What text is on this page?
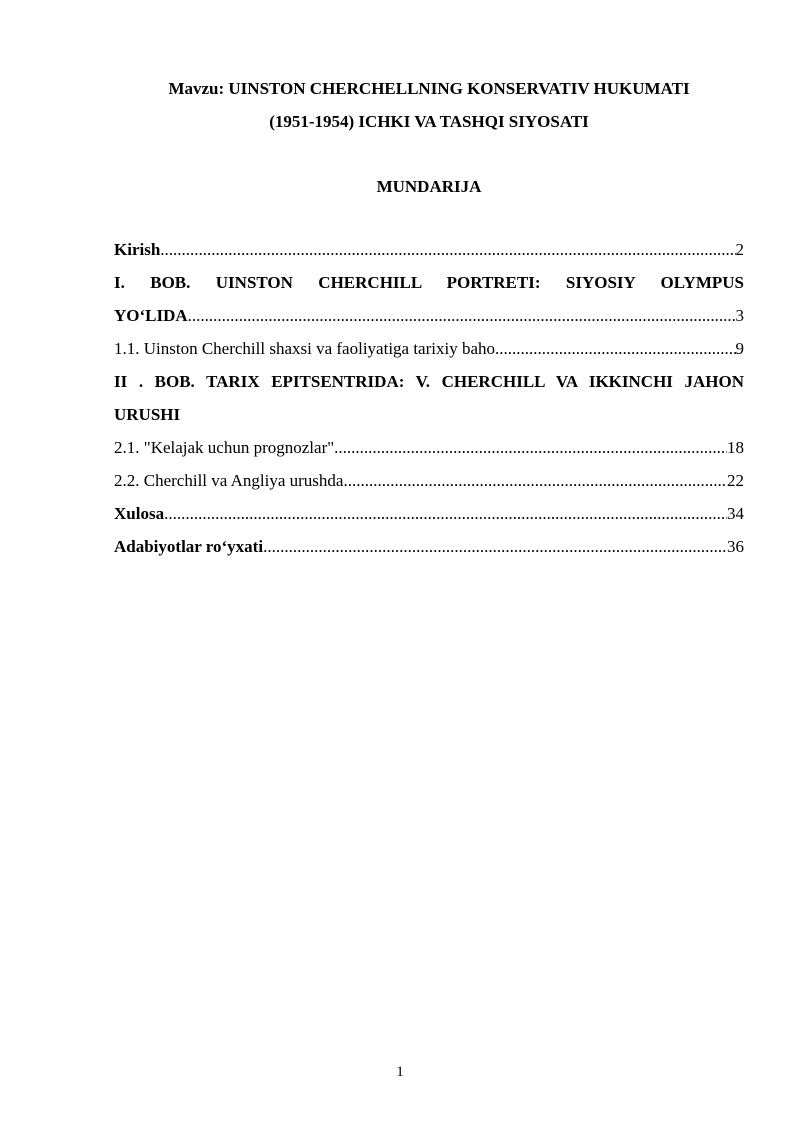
Mavzu: UINSTON CHERCHELLNING KONSERVATIV HUKUMATI
(1951-1954) ICHKI VA TASHQI SIYOSATI
MUNDARIJA
Kirish .....	2
I. BOB. UINSTON CHERCHILL PORTRETI: SIYOSIY OLYMPUS
YO‘LIDA .....	3
1.1. Uinston Cherchill shaxsi va faoliyatiga tarixiy baho .....	9
II . BOB. TARIX EPITSENTRIDA: V. CHERCHILL VA IKKINCHI JAHON
URUSHI
2.1. "Kelajak uchun prognozlar" .....	18
2.2. Cherchill va Angliya urushda .....	22
Xulosa .....	34
Adabiyotlar ro‘yxati .....	36
1
